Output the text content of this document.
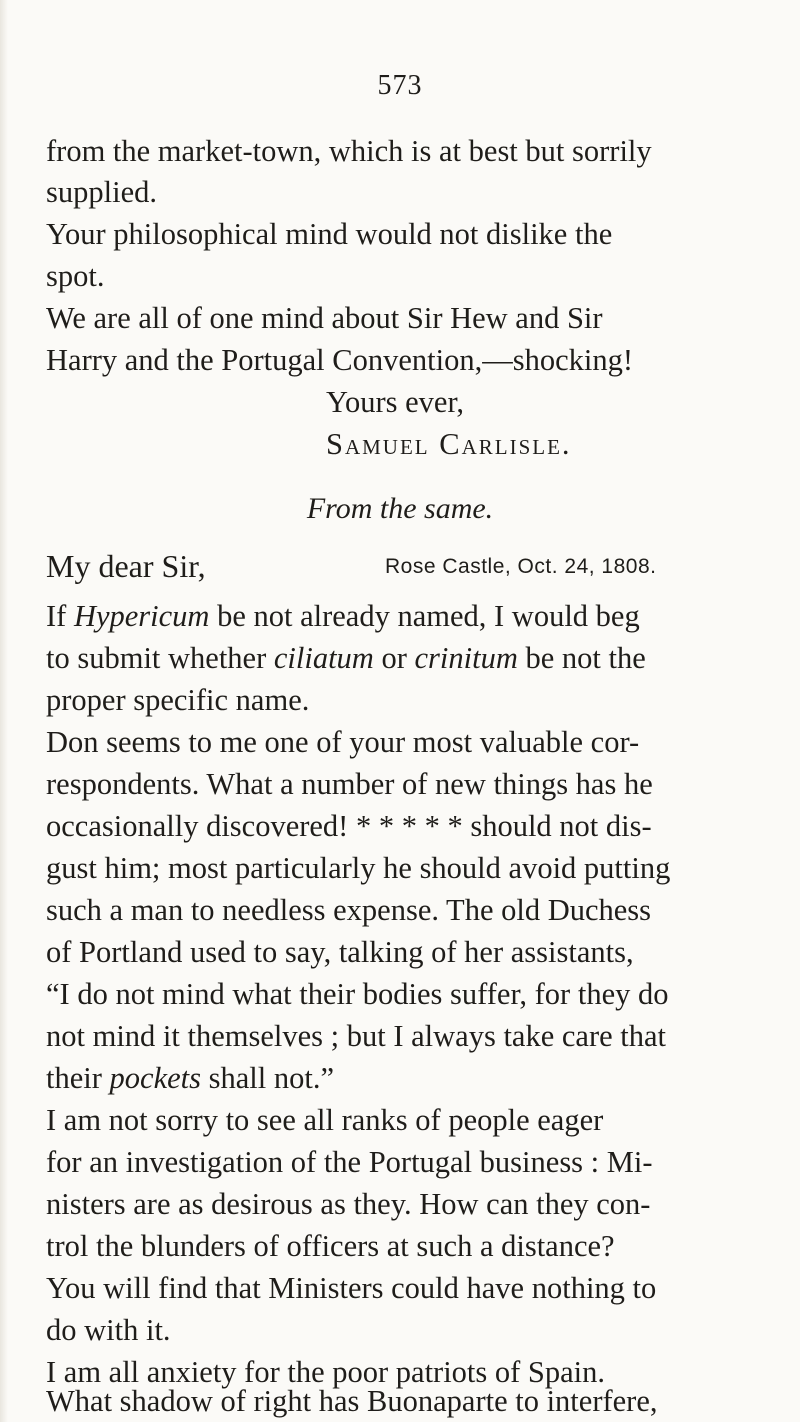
573
from the market-town, which is at best but sorrily
supplied.
Your philosophical mind would not dislike the
spot.
We are all of one mind about Sir Hew and Sir
Harry and the Portugal Convention,—shocking!
Yours ever,
Samuel Carlisle.
From the same.
My dear Sir,	Rose Castle, Oct. 24, 1808.
If Hypericum be not already named, I would beg
to submit whether ciliatum or crinitum be not the
proper specific name.
Don seems to me one of your most valuable cor-
respondents. What a number of new things has he
occasionally discovered! * * * * * should not dis-
gust him; most particularly he should avoid putting
such a man to needless expense. The old Duchess
of Portland used to say, talking of her assistants,
“I do not mind what their bodies suffer, for they do
not mind it themselves ; but I always take care that
their pockets shall not.”
I am not sorry to see all ranks of people eager
for an investigation of the Portugal business : Mi-
nisters are as desirous as they. How can they con-
trol the blunders of officers at such a distance?
You will find that Ministers could have nothing to
do with it.
I am all anxiety for the poor patriots of Spain.
What shadow of right has Buonaparte to interfere,
